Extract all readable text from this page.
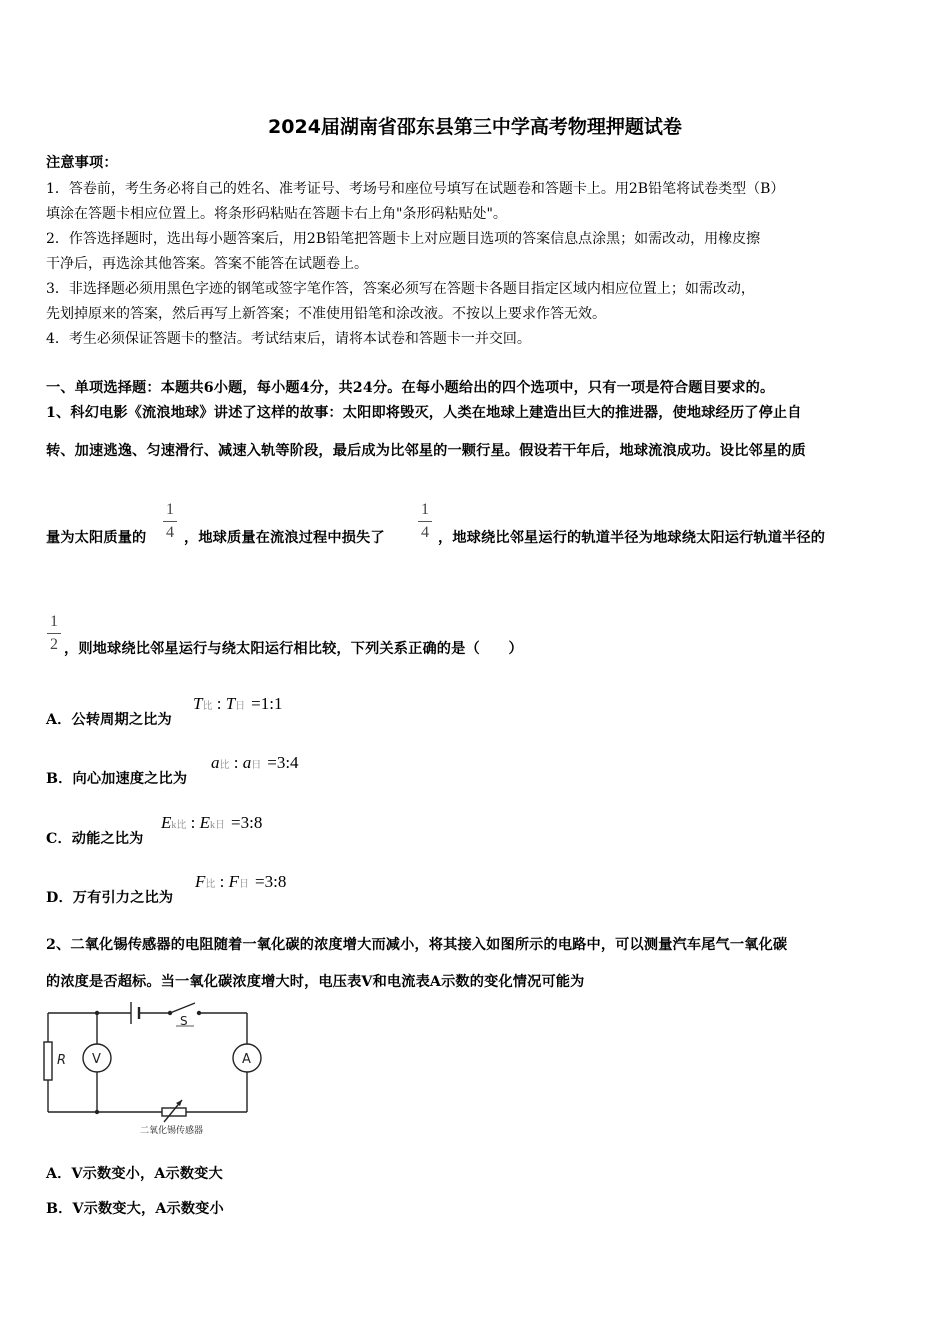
2024届湖南省邵东县第三中学高考物理押题试卷
注意事项：
1．答卷前，考生务必将自己的姓名、准考证号、考场号和座位号填写在试题卷和答题卡上。用2B铅笔将试卷类型（B）
填涂在答题卡相应位置上。将条形码粘贴在答题卡右上角"条形码粘贴处"。
2．作答选择题时，选出每小题答案后，用2B铅笔把答题卡上对应题目选项的答案信息点涂黑；如需改动，用橡皮擦
干净后，再选涂其他答案。答案不能答在试题卷上。
3．非选择题必须用黑色字迹的钢笔或签字笔作答，答案必须写在答题卡各题目指定区域内相应位置上；如需改动，
先划掉原来的答案，然后再写上新答案；不准使用铅笔和涂改液。不按以上要求作答无效。
4．考生必须保证答题卡的整洁。考试结束后，请将本试卷和答题卡一并交回。
一、单项选择题：本题共6小题，每小题4分，共24分。在每小题给出的四个选项中，只有一项是符合题目要求的。
1、科幻电影《流浪地球》讲述了这样的故事：太阳即将毁灭，人类在地球上建造出巨大的推进器，使地球经历了停止自
转、加速逃逸、匀速滑行、减速入轨等阶段，最后成为比邻星的一颗行星。假设若干年后，地球流浪成功。设比邻星的质
量为太阳质量的
1
4 ，地球质量在流浪过程中损失了
1
4 ，地球绕比邻星运行的轨道半径为地球绕太阳运行轨道半径的
1
2 ，则地球绕比邻星运行与绕太阳运行相比较，下列关系正确的是（　　）
A．公转周期之比为
T比 : T日 =1:1
B．向心加速度之比为
a比 : a日 =3:4
C．动能之比为
Ek比 : Ek日 =3:8
D．万有引力之比为
F比 : F日 =3:8
2、二氧化锡传感器的电阻随着一氧化碳的浓度增大而减小，将其接入如图所示的电路中，可以测量汽车尾气一氧化碳
的浓度是否超标。当一氧化碳浓度增大时，电压表V和电流表A示数的变化情况可能为
S
R V	A
二氧化锡传感器
A．V示数变小，A示数变大
B．V示数变大，A示数变小
